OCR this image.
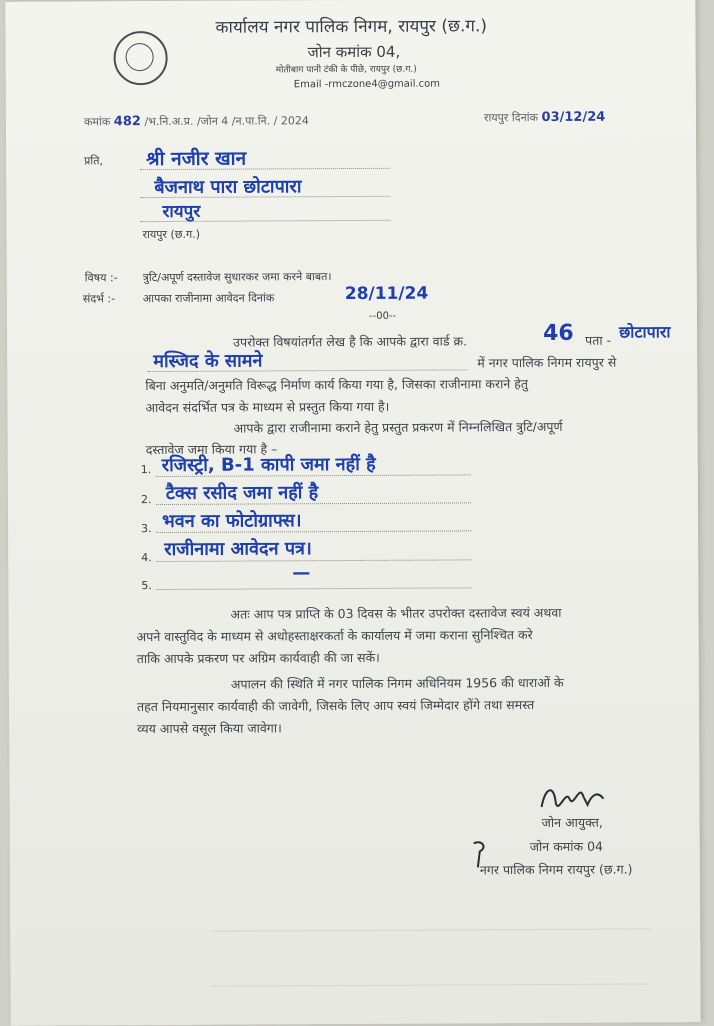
कार्यालय नगर पालिक निगम, रायपुर (छ.ग.)
जोन कमांक 04,
मोतीबाग पानी टंकी के पीछे, रायपुर (छ.ग.)
Email -rmczone4@gmail.com
कमांक 482 /भ.नि.अ.प्र. /जोन 4 /न.पा.नि. / 2024	रायपुर दिनांक 03/12/24
प्रति, श्री नजीर खान
बैजनाथ पारा छोटापारा
रायपुर
रायपुर (छ.ग.)
विषय :- त्रुटि/अपूर्ण दस्तावेज सुधारकर जमा करने बाबत।
संदर्भ :-	आपका राजीनामा आवेदन दिनांक	28/11/24
--00--
उपरोक्त विषयांतर्गत लेख है कि आपके द्वारा वार्ड क्र.	46 पता - छोटापारा
मस्जिद के सामने	में नगर पालिक निगम रायपुर से
बिना अनुमति/अनुमति विरूद्ध निर्माण कार्य किया गया है, जिसका राजीनामा कराने हेतु
आवेदन संदर्भित पत्र के माध्यम से प्रस्तुत किया गया है।
आपके द्वारा राजीनामा कराने हेतु प्रस्तुत प्रकरण में निम्नलिखित त्रुटि/अपूर्ण
दस्तावेज जमा किया गया है –
1. रजिस्ट्री, B-1 कापी जमा नहीं है
2. टैक्स रसीद जमा नहीं है
3. भवन का फोटोग्राफ्स।
4. राजीनामा आवेदन पत्र।
5.
—
अतः आप पत्र प्राप्ति के 03 दिवस के भीतर उपरोक्त दस्तावेज स्वयं अथवा
अपने वास्तुविद के माध्यम से अधोहस्ताक्षरकर्ता के कार्यालय में जमा कराना सुनिश्चित करे
ताकि आपके प्रकरण पर अग्रिम कार्यवाही की जा सकें।
अपालन की स्थिति में नगर पालिक निगम अधिनियम 1956 की धाराओं के
तहत नियमानुसार कार्यवाही की जावेगी, जिसके लिए आप स्वयं जिम्मेदार होंगे तथा समस्त
व्यय आपसे वसूल किया जावेगा।
जोन आयुक्त,
जोन कमांक 04
नगर पालिक निगम रायपुर (छ.ग.)
